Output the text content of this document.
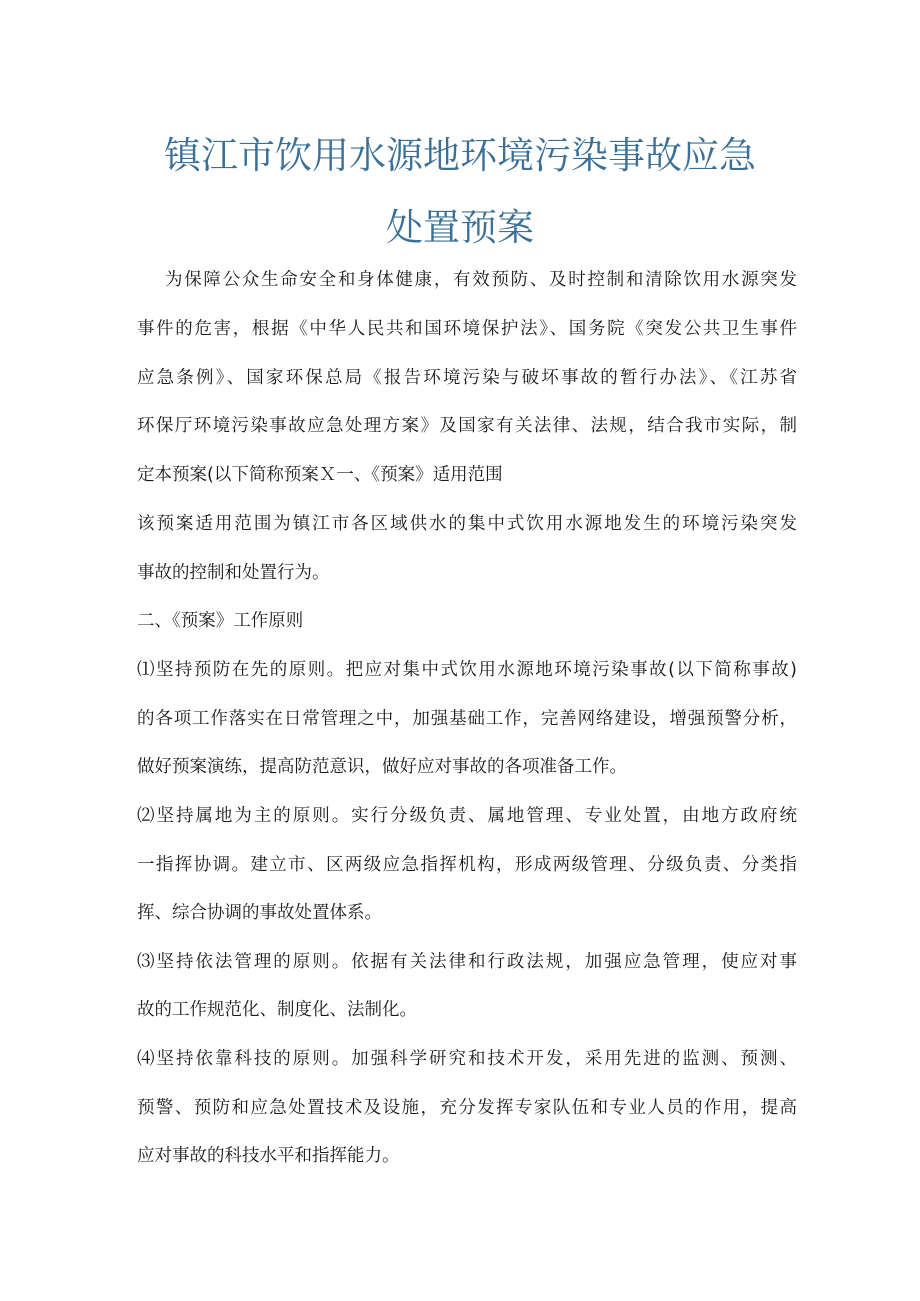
镇江市饮用水源地环境污染事故应急
处置预案
为保障公众生命安全和身体健康，有效预防、及时控制和清除饮用水源突发
事件的危害，根据《中华人民共和国环境保护法》、国务院《突发公共卫生事件
应急条例》、国家环保总局《报告环境污染与破坏事故的暂行办法》、《江苏省
环保厅环境污染事故应急处理方案》及国家有关法律、法规，结合我市实际，制
定本预案(以下简称预案Ｘ一、《预案》适用范围
该预案适用范围为镇江市各区域供水的集中式饮用水源地发生的环境污染突发
事故的控制和处置行为。
二、《预案》工作原则
⑴坚持预防在先的原则。把应对集中式饮用水源地环境污染事故(以下简称事故)
的各项工作落实在日常管理之中，加强基础工作，完善网络建设，增强预警分析，
做好预案演练，提高防范意识，做好应对事故的各项准备工作。
⑵坚持属地为主的原则。实行分级负责、属地管理、专业处置，由地方政府统
一指挥协调。建立市、区两级应急指挥机构，形成两级管理、分级负责、分类指
挥、综合协调的事故处置体系。
⑶坚持依法管理的原则。依据有关法律和行政法规，加强应急管理，使应对事
故的工作规范化、制度化、法制化。
⑷坚持依靠科技的原则。加强科学研究和技术开发，采用先进的监测、预测、
预警、预防和应急处置技术及设施，充分发挥专家队伍和专业人员的作用，提高
应对事故的科技水平和指挥能力。
